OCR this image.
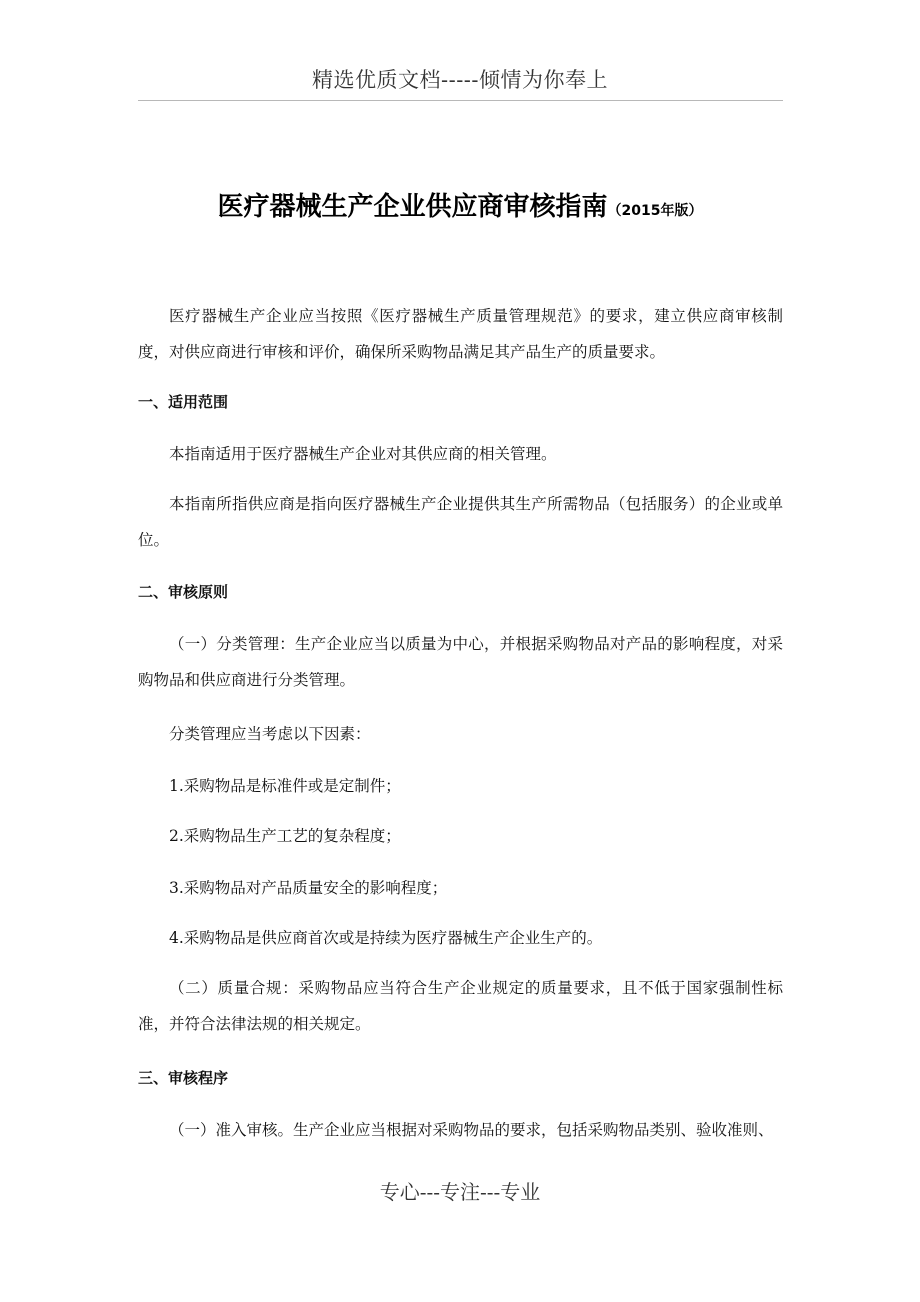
精选优质文档-----倾情为你奉上
医疗器械生产企业供应商审核指南（2015年版）

医疗器械生产企业应当按照《医疗器械生产质量管理规范》的要求，建立供应商审核制度，对供应商进行审核和评价，确保所采购物品满足其产品生产的质量要求。

一、适用范围

本指南适用于医疗器械生产企业对其供应商的相关管理。

本指南所指供应商是指向医疗器械生产企业提供其生产所需物品（包括服务）的企业或单位。

二、审核原则

（一）分类管理：生产企业应当以质量为中心，并根据采购物品对产品的影响程度，对采购物品和供应商进行分类管理。

分类管理应当考虑以下因素：

1.采购物品是标准件或是定制件；

2.采购物品生产工艺的复杂程度；

3.采购物品对产品质量安全的影响程度；

4.采购物品是供应商首次或是持续为医疗器械生产企业生产的。

（二）质量合规：采购物品应当符合生产企业规定的质量要求，且不低于国家强制性标准，并符合法律法规的相关规定。

三、审核程序

（一）准入审核。生产企业应当根据对采购物品的要求，包括采购物品类别、验收准则、

专心---专注---专业
